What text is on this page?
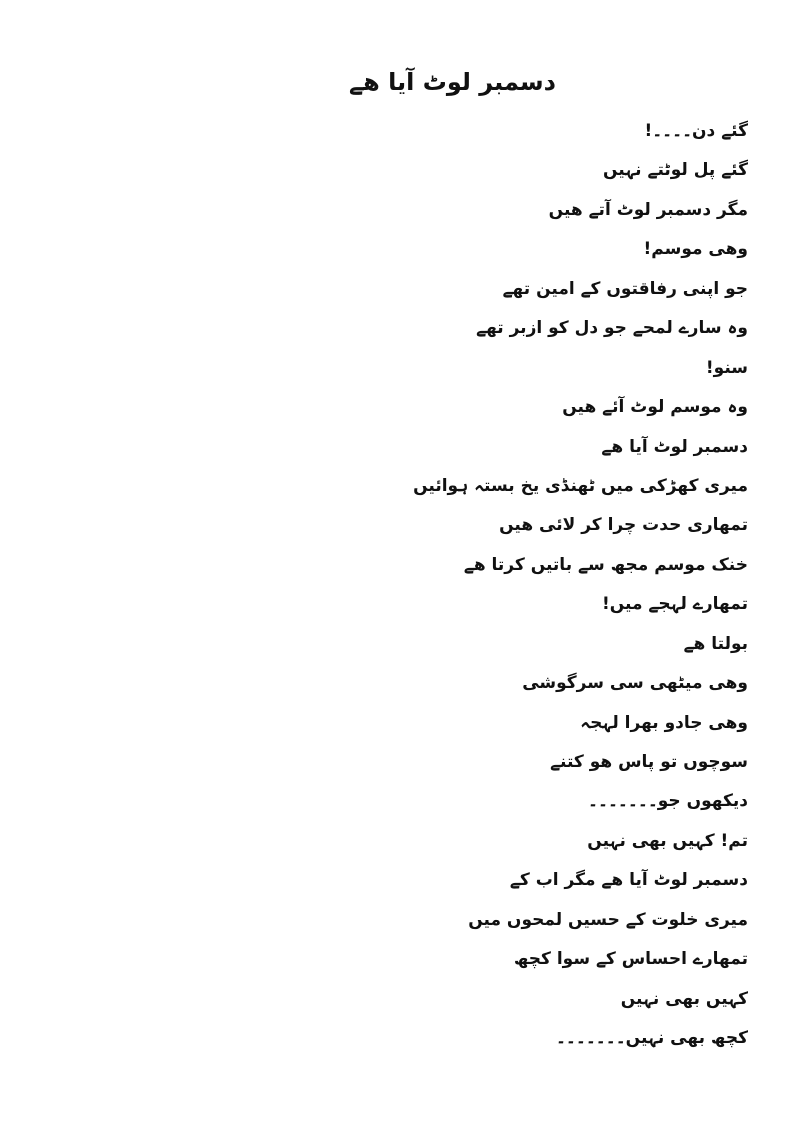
دسمبر لوٹ آیا ھے
گئے دن۔۔۔۔!
گئے پل لوٹتے نہیں
مگر دسمبر لوٹ آتے ھیں
وھی موسم!
جو اپنی رفاقتوں کے امین تھے
وہ سارے لمحے جو دل کو ازبر تھے
سنو!
وہ موسم لوٹ آئے ھیں
دسمبر لوٹ آیا ھے
میری کھڑکی میں ٹھنڈی یخ بستہ ہوائیں
تمھاری حدت چرا کر لائی ھیں
خنک موسم مجھ سے باتیں کرتا ھے
تمھارے لہجے میں!
بولتا ھے
وھی میٹھی سی سرگوشی
وھی جادو بھرا لہجہ
سوچوں تو پاس ھو کتنے
دیکھوں جو۔۔۔۔۔۔۔
تم! کہیں بھی نہیں
دسمبر لوٹ آیا ھے مگر اب کے
میری خلوت کے حسیں لمحوں میں
تمھارے احساس کے سوا کچھ
کہیں بھی نہیں
کچھ بھی نہیں۔۔۔۔۔۔۔
